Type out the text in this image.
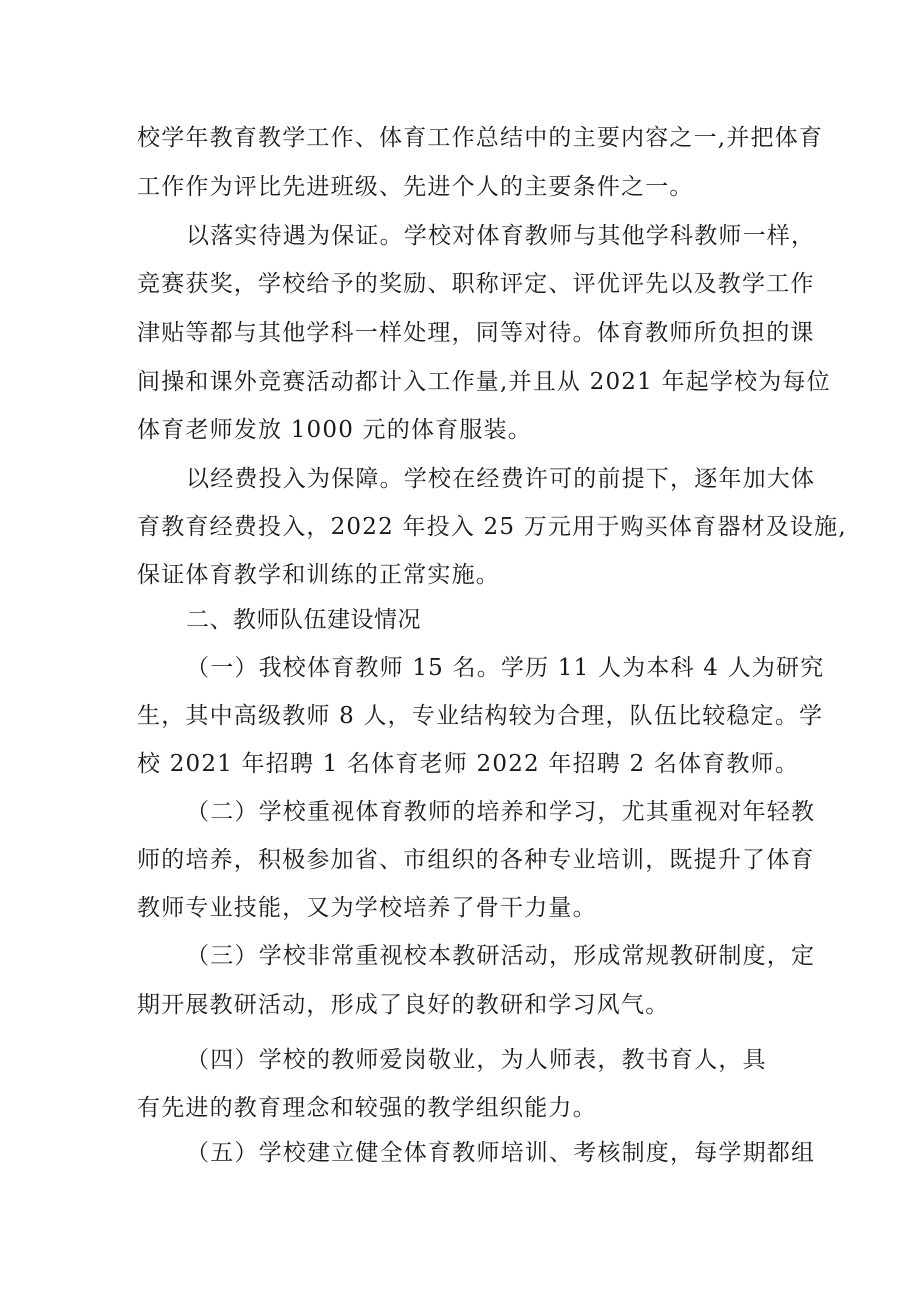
校学年教育教学工作、体育工作总结中的主要内容之一,并把体育
工作作为评比先进班级、先进个人的主要条件之一。
以落实待遇为保证。学校对体育教师与其他学科教师一样，
竞赛获奖，学校给予的奖励、职称评定、评优评先以及教学工作
津贴等都与其他学科一样处理，同等对待。体育教师所负担的课
间操和课外竞赛活动都计入工作量,并且从 2021 年起学校为每位
体育老师发放 1000 元的体育服装。
以经费投入为保障。学校在经费许可的前提下，逐年加大体
育教育经费投入，2022 年投入 25 万元用于购买体育器材及设施,
保证体育教学和训练的正常实施。
二、教师队伍建设情况
（一）我校体育教师 15 名。学历 11 人为本科 4 人为研究
生，其中高级教师 8 人，专业结构较为合理，队伍比较稳定。学
校 2021 年招聘 1 名体育老师 2022 年招聘 2 名体育教师。
（二）学校重视体育教师的培养和学习，尤其重视对年轻教
师的培养，积极参加省、市组织的各种专业培训，既提升了体育
教师专业技能，又为学校培养了骨干力量。
（三）学校非常重视校本教研活动，形成常规教研制度，定
期开展教研活动，形成了良好的教研和学习风气。
（四）学校的教师爱岗敬业，为人师表，教书育人，具
有先进的教育理念和较强的教学组织能力。
（五）学校建立健全体育教师培训、考核制度，每学期都组
